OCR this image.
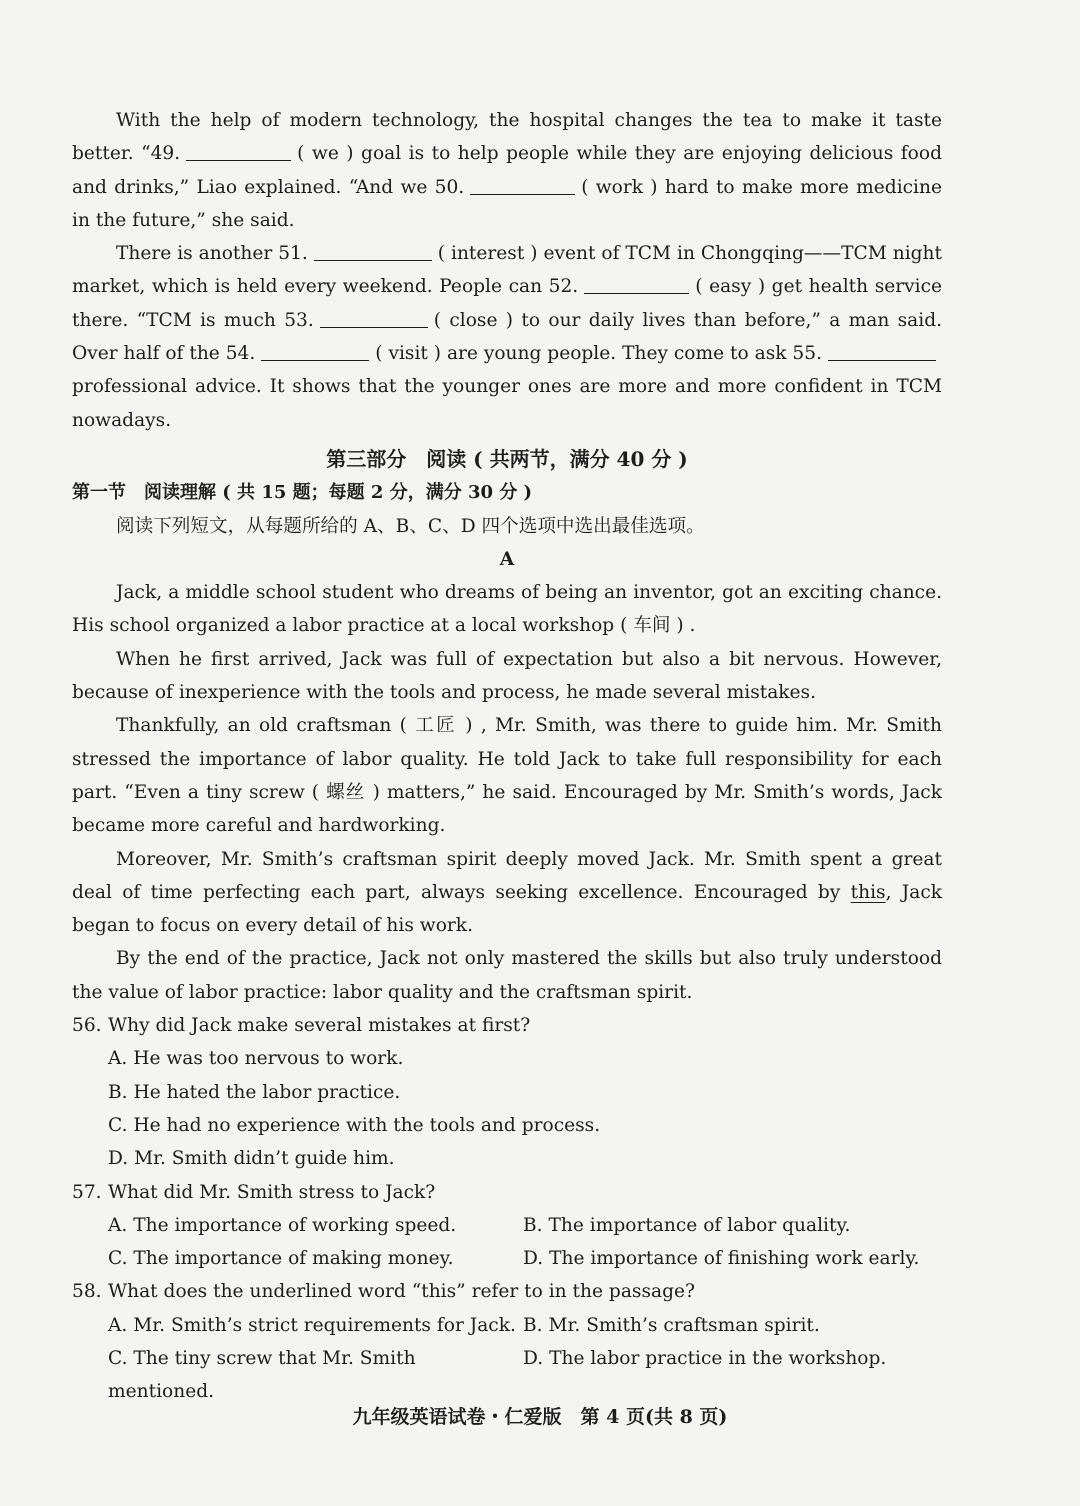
With the help of modern technology, the hospital changes the tea to make it taste better. “49.	( we ) goal is to help people while they are enjoying delicious food and drinks,” Liao explained. “And we 50.	( work ) hard to make more medicine in the future,” she said.

There is another 51.	( interest ) event of TCM in Chongqing——TCM night market, which is held every weekend. People can 52.	( easy ) get health service there. “TCM is much 53.	( close ) to our daily lives than before,” a man said. Over half of the 54.	( visit ) are young people. They come to ask 55.professional advice. It shows that the younger ones are more and more confident in TCM nowadays.

第三部分　阅读 ( 共两节，满分 40 分 )

第一节　阅读理解 ( 共 15 题；每题 2 分，满分 30 分 )

阅读下列短文，从每题所给的 A、B、C、D 四个选项中选出最佳选项。

A

Jack, a middle school student who dreams of being an inventor, got an exciting chance. His school organized a labor practice at a local workshop ( 车间 ) .

When he first arrived, Jack was full of expectation but also a bit nervous. However, because of inexperience with the tools and process, he made several mistakes.

Thankfully, an old craftsman ( 工匠 ) , Mr. Smith, was there to guide him. Mr. Smith stressed the importance of labor quality. He told Jack to take full responsibility for each part. “Even a tiny screw ( 螺丝 ) matters,” he said. Encouraged by Mr. Smith’s words, Jack became more careful and hardworking.

Moreover, Mr. Smith’s craftsman spirit deeply moved Jack. Mr. Smith spent a great deal of time perfecting each part, always seeking excellence. Encouraged by this, Jack began to focus on every detail of his work.

By the end of the practice, Jack not only mastered the skills but also truly understood the value of labor practice: labor quality and the craftsman spirit.

56. Why did Jack make several mistakes at first?
A. He was too nervous to work.
B. He hated the labor practice.
C. He had no experience with the tools and process.
D. Mr. Smith didn’t guide him.
57. What did Mr. Smith stress to Jack?
A. The importance of working speed.	B. The importance of labor quality.
C. The importance of making money.	D. The importance of finishing work early.
58. What does the underlined word “this” refer to in the passage?
A. Mr. Smith’s strict requirements for Jack. B. Mr. Smith’s craftsman spirit.
C. The tiny screw that Mr. Smith mentioned.
D. The labor practice in the workshop.
九年级英语试卷・仁爱版　第 4 页(共 8 页)
